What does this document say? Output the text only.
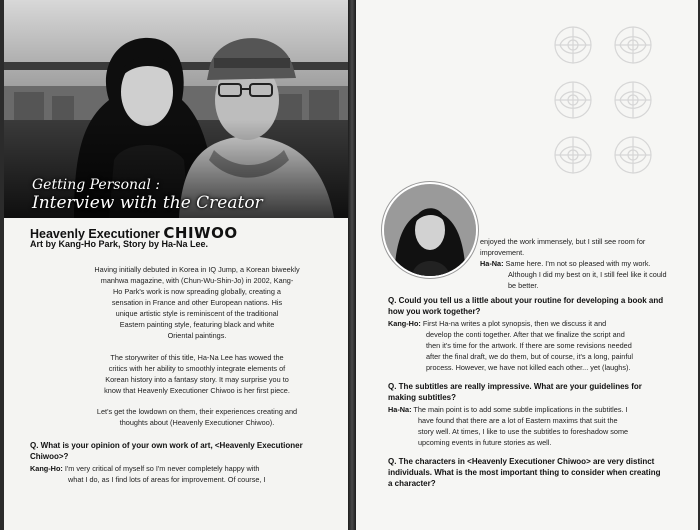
Getting Personal :
Interview with the Creator
Heavenly Executioner CHIWOO
Art by Kang-Ho Park, Story by Ha-Na Lee.
Having initially debuted in Korea in IQ Jump, a Korean biweekly
manhwa magazine, with (Chun-Wu-Shin-Jo) in 2002, Kang-
Ho Park's work is now spreading globally, creating a
sensation in France and other European nations. His
unique artistic style is reminiscent of the traditional
Eastern painting style, featuring black and white
Oriental paintings.
The storywriter of this title, Ha-Na Lee has wowed the
critics with her ability to smoothly integrate elements of
Korean history into a fantasy story. It may surprise you to
know that Heavenly Executioner Chiwoo is her first piece.
Let's get the lowdown on them, their experiences creating and
thoughts about (Heavenly Executioner Chiwoo).
Q. What is your opinion of your own work of art, <Heavenly Executioner
Chiwoo>?
Kang-Ho: I'm very critical of myself so I'm never completely happy with
what I do, as I find lots of areas for improvement. Of course, I
enjoyed the work immensely, but I still see room for
improvement.
Ha-Na: Same here. I'm not so pleased with my work.
Although I did my best on it, I still feel like it could
be better.
Q. Could you tell us a little about your routine for developing a book and
how you work together?
Kang-Ho: First Ha-na writes a plot synopsis, then we discuss it and
develop the conti together. After that we finalize the script and
then it's time for the artwork. If there are some revisions needed
after the final draft, we do them, but of course, it's a long, painful
process. However, we have not killed each other... yet (laughs).
Q. The subtitles are really impressive. What are your guidelines for
making subtitles?
Ha-Na: The main point is to add some subtle implications in the subtitles. I
have found that there are a lot of Eastern maxims that suit the
story well. At times, I like to use the subtitles to foreshadow some
upcoming events in future stories as well.
Q. The characters in <Heavenly Executioner Chiwoo> are very distinct
individuals. What is the most important thing to consider when creating
a character?
